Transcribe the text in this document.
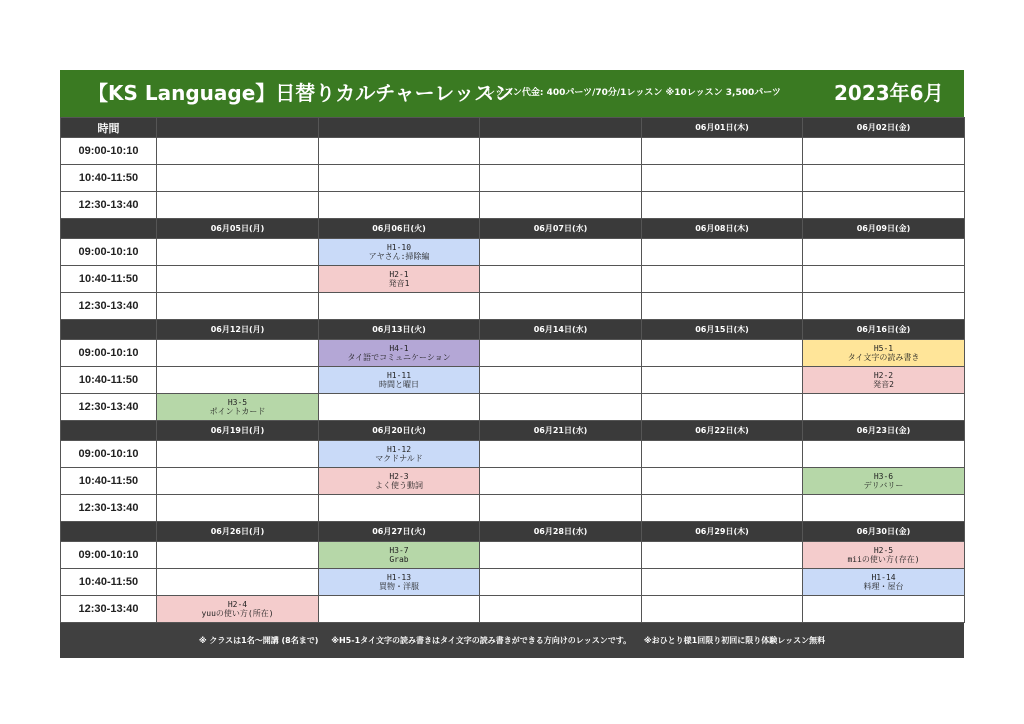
【KS Language】日替りカルチャーレッスン
レッスン代金: 400パーツ/70分/1レッスン ※10レッスン 3,500パーツ	2023年6月
時間				06月01日(木)	06月02日(金)
09:00-10:10					
10:40-11:50					
12:30-13:40					
	06月05日(月)	06月06日(火)	06月07日(水)	06月08日(木)	06月09日(金)
09:00-10:10		H1-10
アヤさん:掃除編			

10:40-11:50		H2-1
発音1			

12:30-13:40					
	06月12日(月)	06月13日(火)	06月14日(水)	06月15日(木)	06月16日(金)
09:00-10:10		H4-1
タイ語でコミュニケーション			H5-1
タイ文字の読み書き

10:40-11:50		H1-11
時間と曜日			H2-2
発音2

12:30-13:40	H3-5
ポイントカード				

	06月19日(月)	06月20日(火)	06月21日(水)	06月22日(木)	06月23日(金)
09:00-10:10		H1-12
マクドナルド			

10:40-11:50		H2-3
よく使う動詞			H3-6
デリバリー

12:30-13:40					
	06月26日(月)	06月27日(火)	06月28日(水)	06月29日(木)	06月30日(金)
09:00-10:10		H3-7
Grab			H2-5
miiの使い方(存在)

10:40-11:50		H1-13
買物・洋服			H1-14
料理・屋台

12:30-13:40	H2-4
yuuの使い方(所在)				

※ クラスは1名～開講 (8名まで) ※H5-1タイ文字の読み書きはタイ文字の読み書きができる方向けのレッスンです。 ※おひとり様1回限り初回に限り体験レッスン無料
